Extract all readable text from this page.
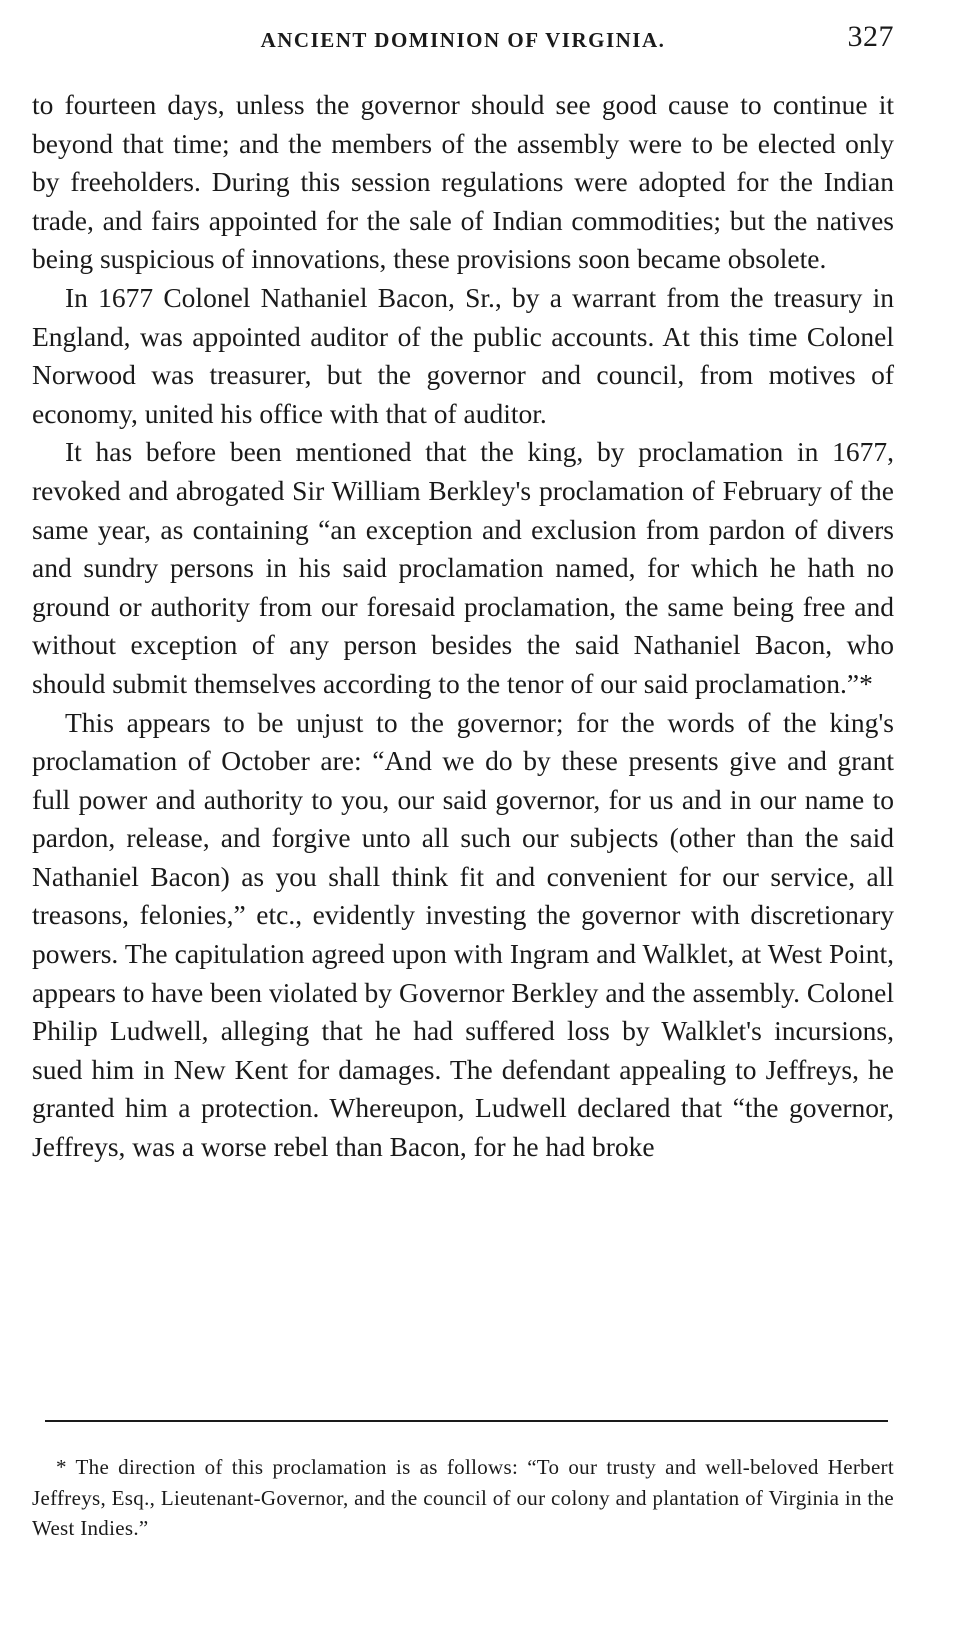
ANCIENT DOMINION OF VIRGINIA.	327

to fourteen days, unless the governor should see good cause to continue it beyond that time; and the members of the assembly were to be elected only by freeholders. During this session regulations were adopted for the Indian trade, and fairs appointed for the sale of Indian commodities; but the natives being suspicious of innovations, these provisions soon became obsolete.

In 1677 Colonel Nathaniel Bacon, Sr., by a warrant from the treasury in England, was appointed auditor of the public accounts. At this time Colonel Norwood was treasurer, but the governor and council, from motives of economy, united his office with that of auditor.

It has before been mentioned that the king, by proclamation in 1677, revoked and abrogated Sir William Berkley's proclamation of February of the same year, as containing “an exception and exclusion from pardon of divers and sundry persons in his said proclamation named, for which he hath no ground or authority from our foresaid proclamation, the same being free and without exception of any person besides the said Nathaniel Bacon, who should submit themselves according to the tenor of our said proclamation.”*

This appears to be unjust to the governor; for the words of the king's proclamation of October are: “And we do by these presents give and grant full power and authority to you, our said governor, for us and in our name to pardon, release, and forgive unto all such our subjects (other than the said Nathaniel Bacon) as you shall think fit and convenient for our service, all treasons, felonies,” etc., evidently investing the governor with discretionary powers. The capitulation agreed upon with Ingram and Walklet, at West Point, appears to have been violated by Governor Berkley and the assembly. Colonel Philip Ludwell, alleging that he had suffered loss by Walklet's incursions, sued him in New Kent for damages. The defendant appealing to Jeffreys, he granted him a protection. Whereupon, Ludwell declared that “the governor, Jeffreys, was a worse rebel than Bacon, for he had broke

* The direction of this proclamation is as follows: “To our trusty and well-beloved Herbert Jeffreys, Esq., Lieutenant-Governor, and the council of our colony and plantation of Virginia in the West Indies.”
